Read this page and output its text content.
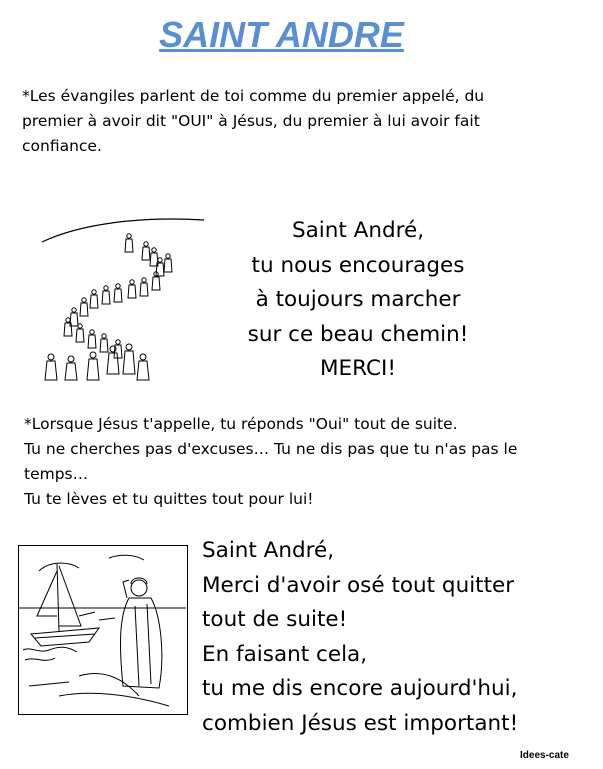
SAINT ANDRE
*Les évangiles parlent de toi comme du premier appelé, du
premier à avoir dit "OUI" à Jésus, du premier à lui avoir fait
confiance.
Saint André,
tu nous encourages
à toujours marcher
sur ce beau chemin!
MERCI!
*Lorsque Jésus t'appelle, tu réponds "Oui" tout de suite.
Tu ne cherches pas d'excuses… Tu ne dis pas que tu n'as pas le
temps…
Tu te lèves et tu quittes tout pour lui!
Saint André,
Merci d'avoir osé tout quitter
tout de suite!
En faisant cela,
tu me dis encore aujourd'hui,
combien Jésus est important!
Idees-cate
